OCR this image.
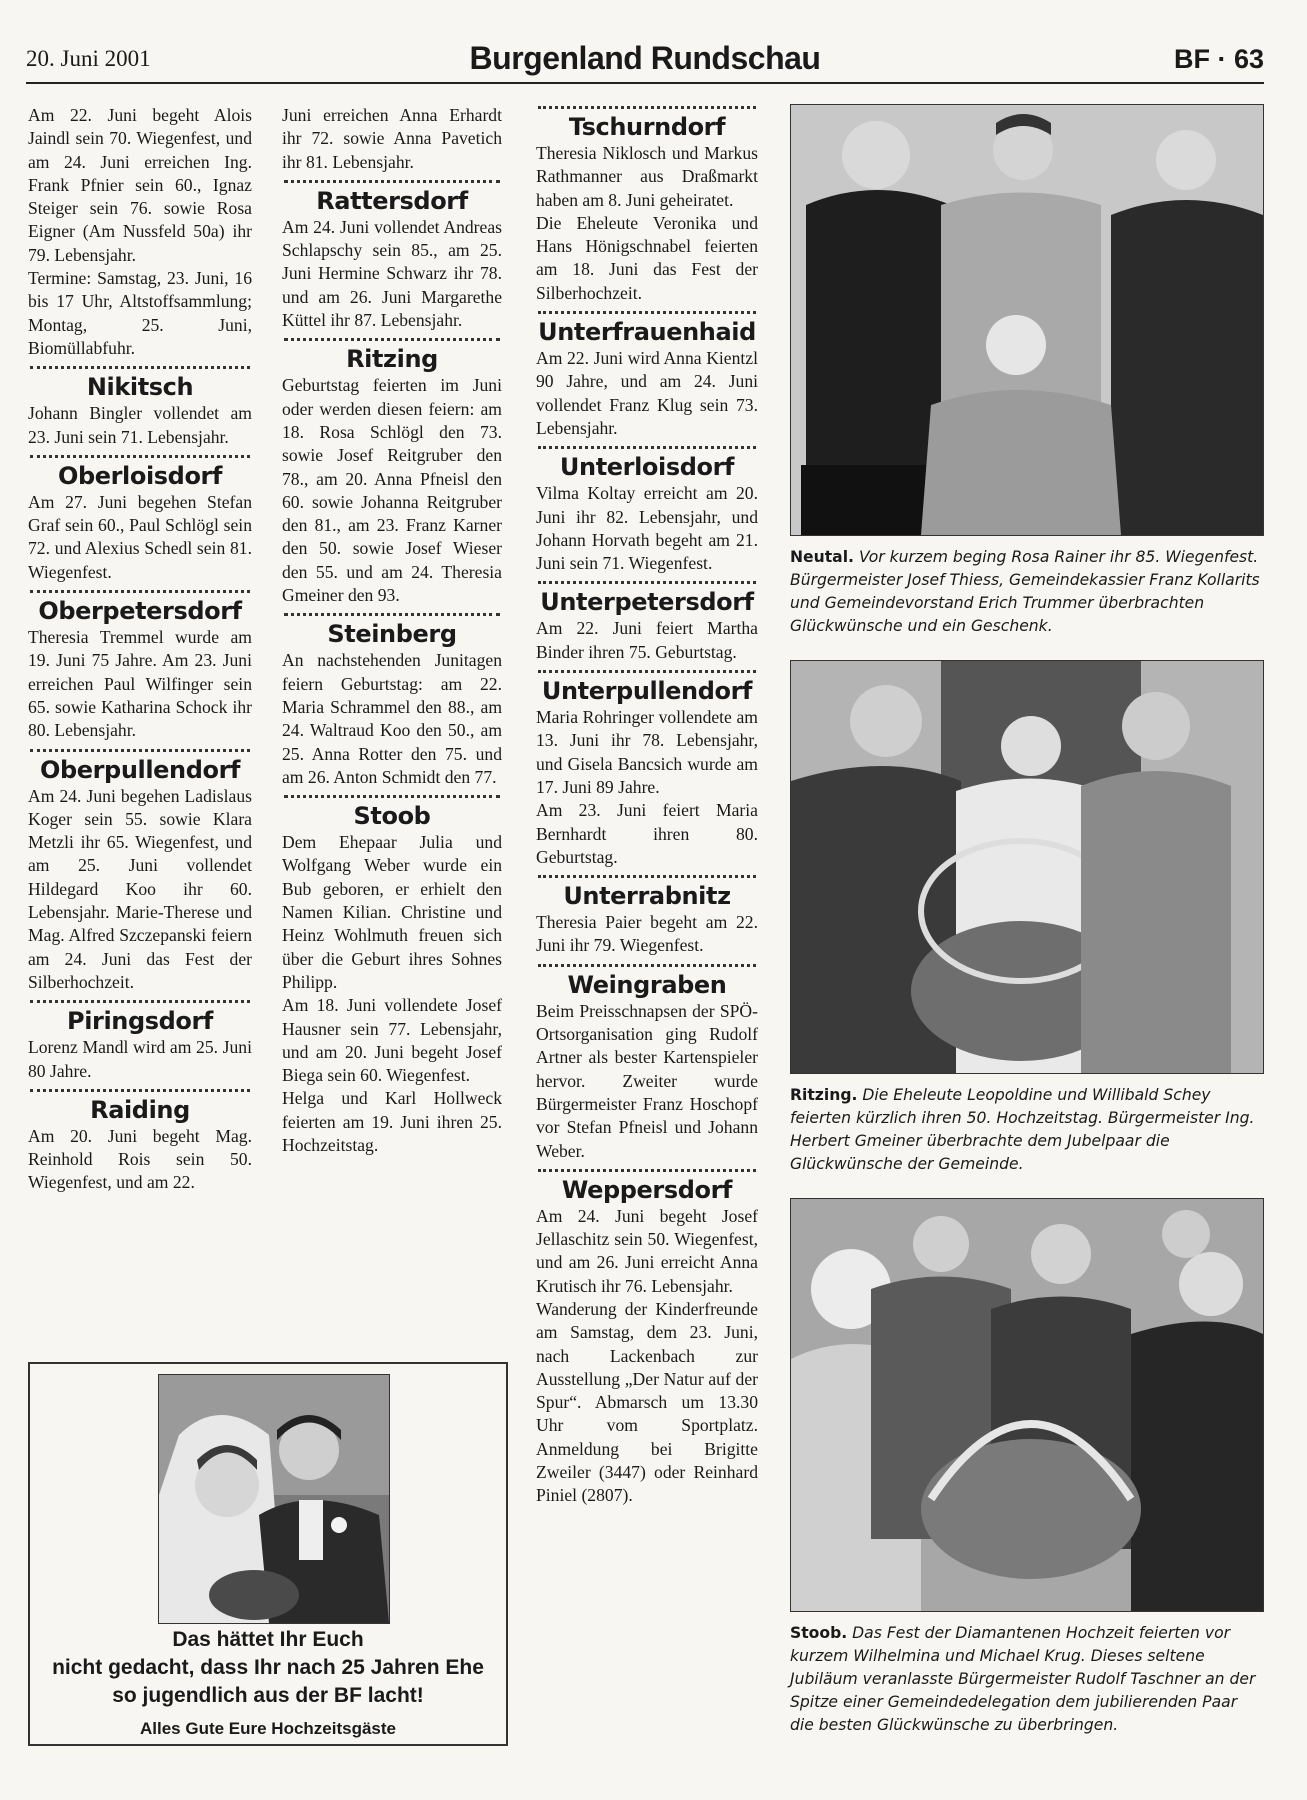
20. Juni 2001	Burgenland Rundschau	BF · 63

Am 22. Juni begeht Alois Jaindl sein 70. Wiegenfest, und am 24. Juni erreichen Ing. Frank Pfnier sein 60., Ignaz Steiger sein 76. sowie Rosa Eigner (Am Nussfeld 50a) ihr 79. Lebensjahr.

Termine: Samstag, 23. Juni, 16 bis 17 Uhr, Altstoffsammlung; Montag, 25. Juni, Biomüllabfuhr.

Nikitsch

Johann Bingler vollendet am 23. Juni sein 71. Lebensjahr.

Oberloisdorf

Am 27. Juni begehen Stefan Graf sein 60., Paul Schlögl sein 72. und Alexius Schedl sein 81. Wiegenfest.

Oberpetersdorf

Theresia Tremmel wurde am 19. Juni 75 Jahre. Am 23. Juni erreichen Paul Wilfinger sein 65. sowie Katharina Schock ihr 80. Lebensjahr.

Oberpullendorf

Am 24. Juni begehen Ladislaus Koger sein 55. sowie Klara Metzli ihr 65. Wiegenfest, und am 25. Juni vollendet Hildegard Koo ihr 60. Lebensjahr. Marie-Therese und Mag. Alfred Szczepanski feiern am 24. Juni das Fest der Silberhochzeit.

Piringsdorf

Lorenz Mandl wird am 25. Juni 80 Jahre.

Raiding

Am 20. Juni begeht Mag. Reinhold Rois sein 50. Wiegenfest, und am 22.

Juni erreichen Anna Erhardt ihr 72. sowie Anna Pavetich ihr 81. Lebensjahr.

Rattersdorf

Am 24. Juni vollendet Andreas Schlapschy sein 85., am 25. Juni Hermine Schwarz ihr 78. und am 26. Juni Margarethe Küttel ihr 87. Lebensjahr.

Ritzing

Geburtstag feierten im Juni oder werden diesen feiern: am 18. Rosa Schlögl den 73. sowie Josef Reitgruber den 78., am 20. Anna Pfneisl den 60. sowie Johanna Reitgruber den 81., am 23. Franz Karner den 50. sowie Josef Wieser den 55. und am 24. Theresia Gmeiner den 93.

Steinberg

An nachstehenden Junitagen feiern Geburtstag: am 22. Maria Schrammel den 88., am 24. Waltraud Koo den 50., am 25. Anna Rotter den 75. und am 26. Anton Schmidt den 77.

Stoob

Dem Ehepaar Julia und Wolfgang Weber wurde ein Bub geboren, er erhielt den Namen Kilian. Christine und Heinz Wohlmuth freuen sich über die Geburt ihres Sohnes Philipp.

Am 18. Juni vollendete Josef Hausner sein 77. Lebensjahr, und am 20. Juni begeht Josef Biega sein 60. Wiegenfest.

Helga und Karl Hollweck feierten am 19. Juni ihren 25. Hochzeitstag.

Das hättet Ihr Euch
nicht gedacht, dass Ihr nach 25 Jahren Ehe
so jugendlich aus der BF lacht!
Alles Gute Eure Hochzeitsgäste
Tschurndorf

Theresia Niklosch und Markus Rathmanner aus Draßmarkt haben am 8. Juni geheiratet.

Die Eheleute Veronika und Hans Hönigschnabel feierten am 18. Juni das Fest der Silberhochzeit.

Unterfrauenhaid

Am 22. Juni wird Anna Kientzl 90 Jahre, und am 24. Juni vollendet Franz Klug sein 73. Lebensjahr.

Unterloisdorf

Vilma Koltay erreicht am 20. Juni ihr 82. Lebensjahr, und Johann Horvath begeht am 21. Juni sein 71. Wiegenfest.

Unterpetersdorf

Am 22. Juni feiert Martha Binder ihren 75. Geburtstag.

Unterpullendorf

Maria Rohringer vollendete am 13. Juni ihr 78. Lebensjahr, und Gisela Bancsich wurde am 17. Juni 89 Jahre.

Am 23. Juni feiert Maria Bernhardt ihren 80. Geburtstag.

Unterrabnitz

Theresia Paier begeht am 22. Juni ihr 79. Wiegenfest.

Weingraben

Beim Preisschnapsen der SPÖ-Ortsorganisation ging Rudolf Artner als bester Kartenspieler hervor. Zweiter wurde Bürgermeister Franz Hoschopf vor Stefan Pfneisl und Johann Weber.

Weppersdorf

Am 24. Juni begeht Josef Jellaschitz sein 50. Wiegenfest, und am 26. Juni erreicht Anna Krutisch ihr 76. Lebensjahr.

Wanderung der Kinderfreunde am Samstag, dem 23. Juni, nach Lackenbach zur Ausstellung „Der Natur auf der Spur“. Abmarsch um 13.30 Uhr vom Sportplatz. Anmeldung bei Brigitte Zweiler (3447) oder Reinhard Piniel (2807).

Neutal. Vor kurzem beging Rosa Rainer ihr 85. Wiegenfest. Bürgermeister Josef Thiess, Gemeindekassier Franz Kollarits und Gemeindevorstand Erich Trummer überbrachten Glückwünsche und ein Geschenk.

Ritzing. Die Eheleute Leopoldine und Willibald Schey feierten kürzlich ihren 50. Hochzeitstag. Bürgermeister Ing. Herbert Gmeiner überbrachte dem Jubelpaar die Glückwünsche der Gemeinde.

Stoob. Das Fest der Diamantenen Hochzeit feierten vor kurzem Wilhelmina und Michael Krug. Dieses seltene Jubiläum veranlasste Bürgermeister Rudolf Taschner an der Spitze einer Gemeindedelegation dem jubilierenden Paar die besten Glückwünsche zu überbringen.
